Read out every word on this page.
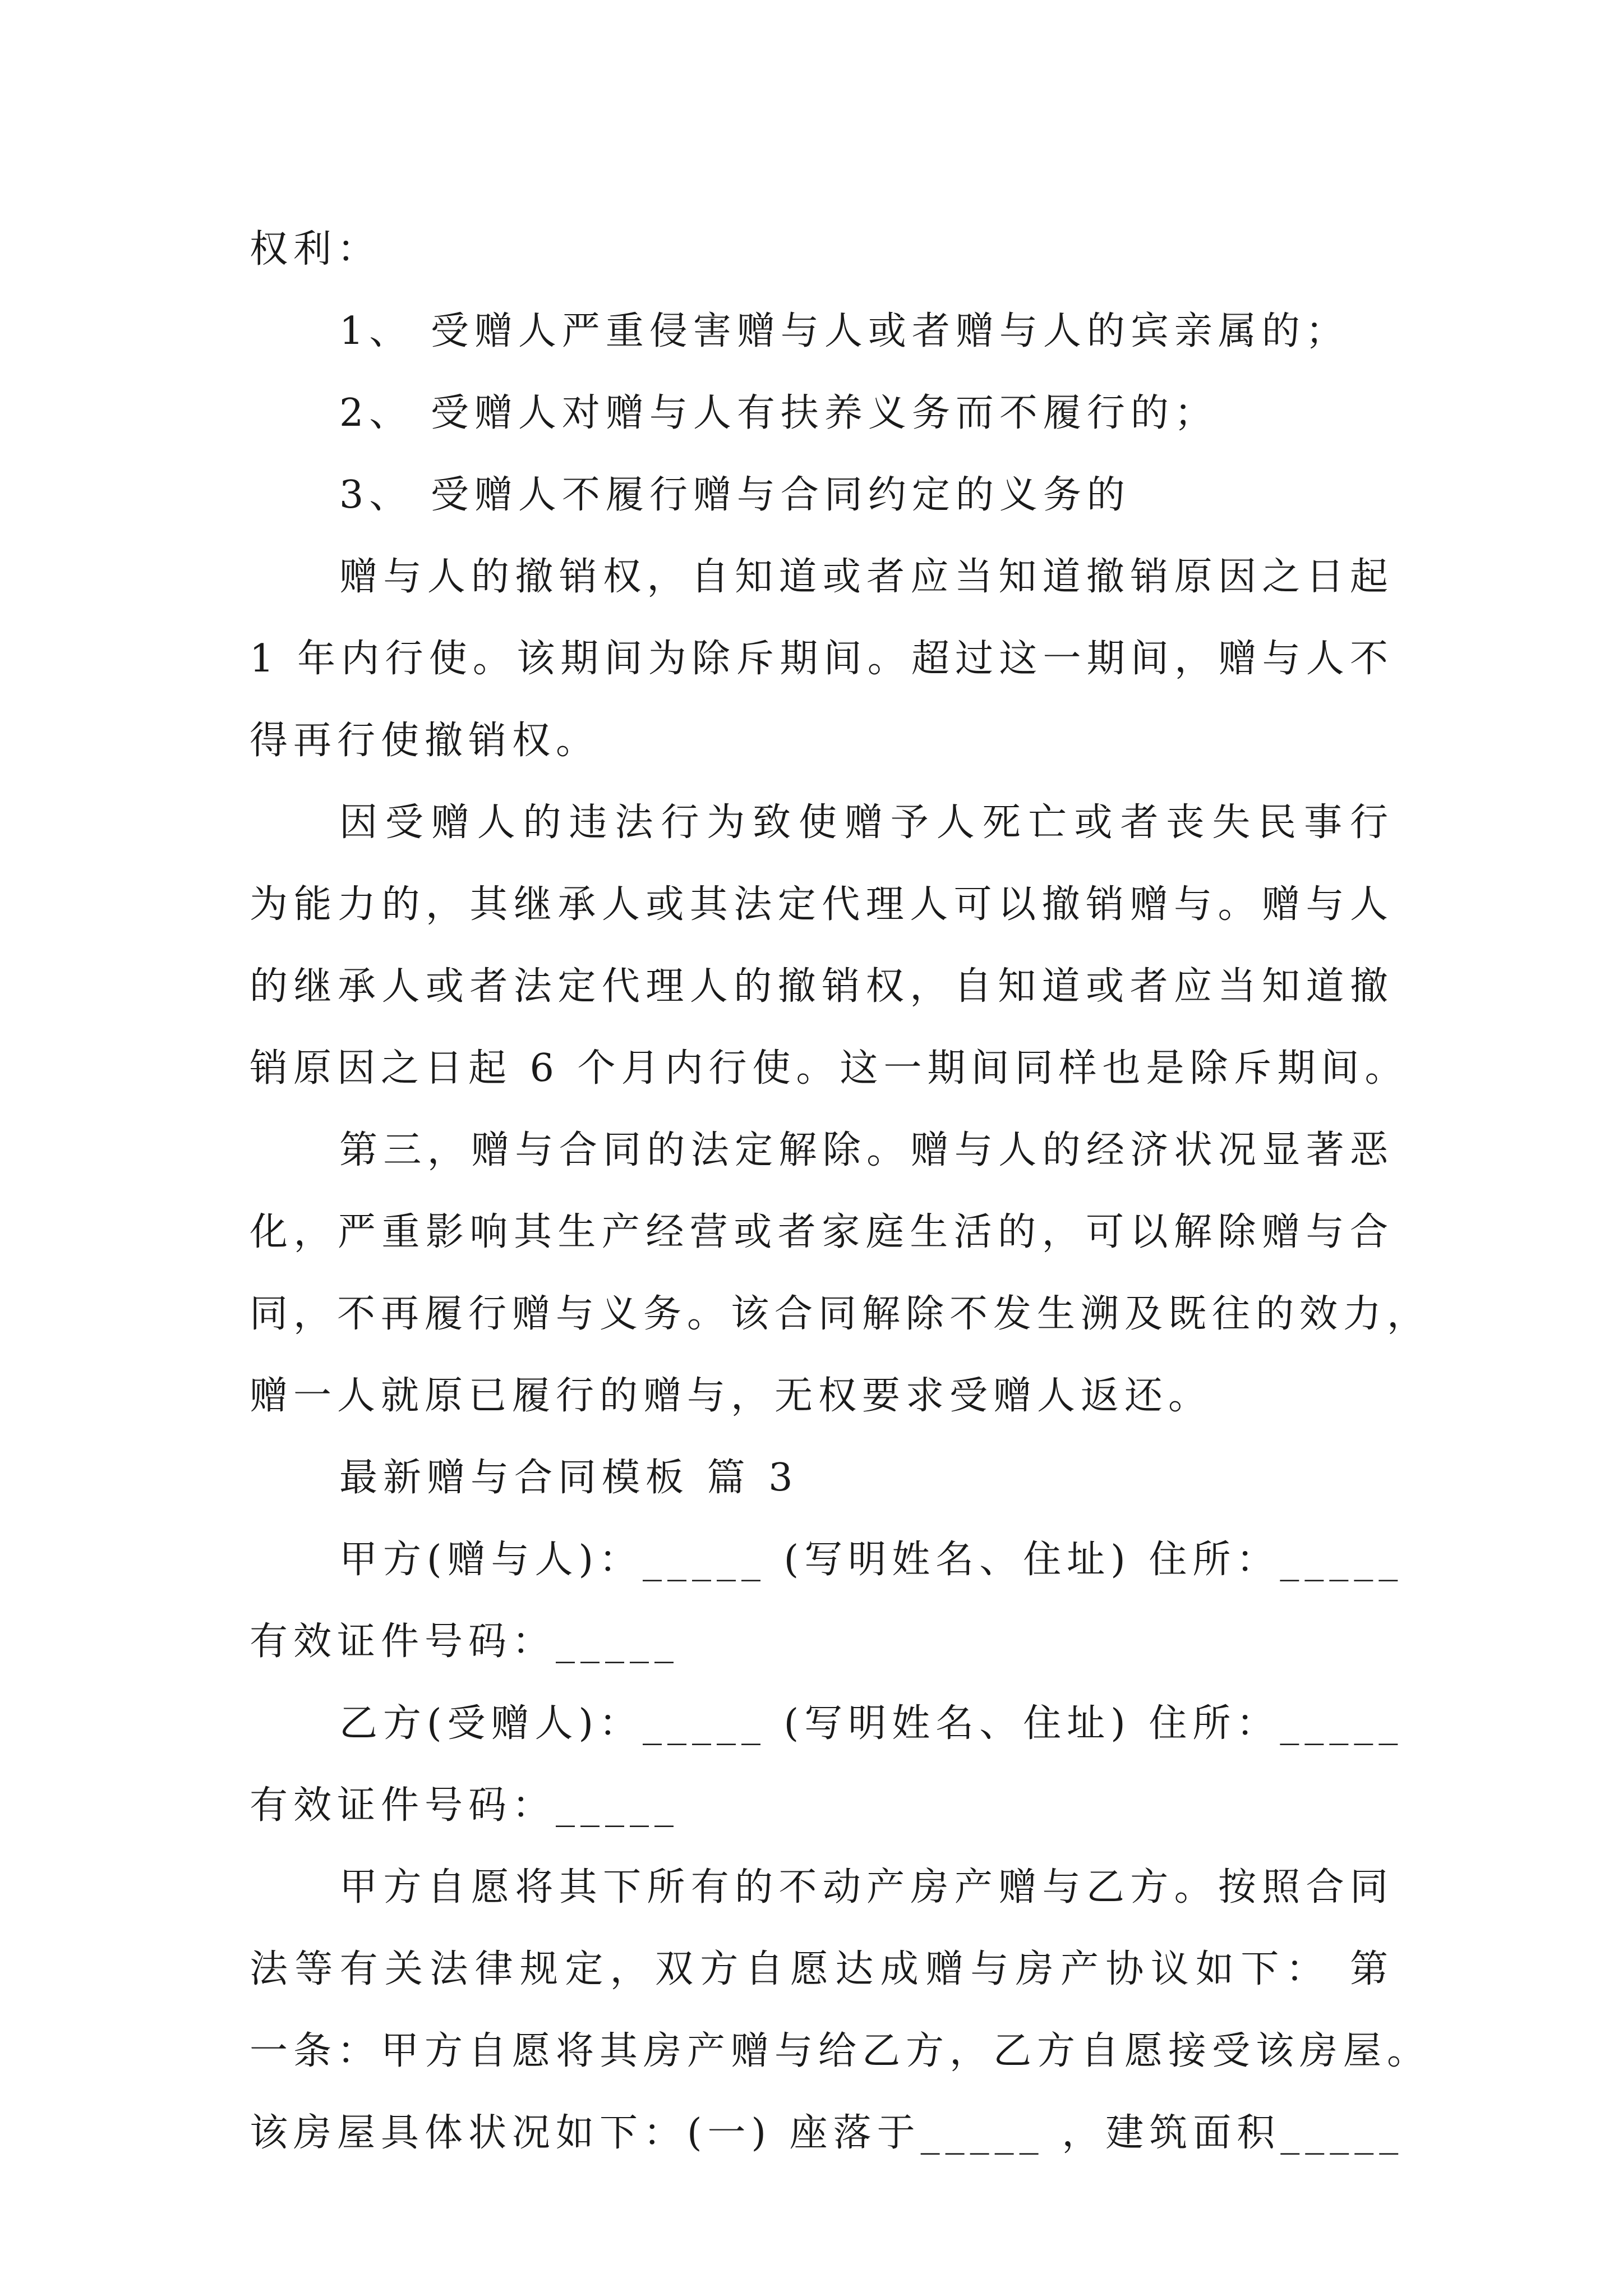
权利：
1、 受赠人严重侵害赠与人或者赠与人的宾亲属的；
2、 受赠人对赠与人有扶养义务而不履行的；
3、 受赠人不履行赠与合同约定的义务的
赠与人的撤销权，自知道或者应当知道撤销原因之日起
1 年内行使。该期间为除斥期间。超过这一期间，赠与人不
得再行使撤销权。
因受赠人的违法行为致使赠予人死亡或者丧失民事行
为能力的，其继承人或其法定代理人可以撤销赠与。赠与人
的继承人或者法定代理人的撤销权，自知道或者应当知道撤
销原因之日起 6 个月内行使。这一期间同样也是除斥期间。
第三，赠与合同的法定解除。赠与人的经济状况显著恶
化，严重影响其生产经营或者家庭生活的，可以解除赠与合
同，不再履行赠与义务。该合同解除不发生溯及既往的效力，
赠一人就原已履行的赠与，无权要求受赠人返还。
最新赠与合同模板 篇 3
甲方(赠与人)：_____ (写明姓名、住址) 住所：_____
有效证件号码：_____
乙方(受赠人)：_____ (写明姓名、住址) 住所：_____
有效证件号码：_____
甲方自愿将其下所有的不动产房产赠与乙方。按照合同
法等有关法律规定，双方自愿达成赠与房产协议如下： 第
一条：甲方自愿将其房产赠与给乙方，乙方自愿接受该房屋。
该房屋具体状况如下：(一) 座落于_____ ，建筑面积_____
